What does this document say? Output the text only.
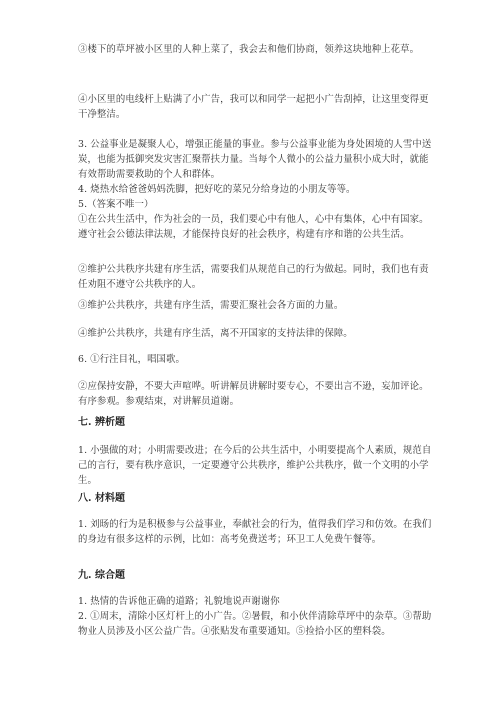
③楼下的草坪被小区里的人种上菜了，我会去和他们协商，领养这块地种上花草。

④小区里的电线杆上贴满了小广告，我可以和同学一起把小广告刮掉，让这里变得更干净整洁。

3. 公益事业是凝聚人心，增强正能量的事业。参与公益事业能为身处困境的人雪中送炭，也能为抵御突发灾害汇聚帮扶力量。当每个人微小的公益力量积小成大时，就能有效帮助需要救助的个人和群体。

4. 烧热水给爸爸妈妈洗脚，把好吃的菜兄分给身边的小朋友等等。

5.（答案不唯一）

①在公共生活中，作为社会的一员，我们要心中有他人，心中有集体，心中有国家。遵守社会公德法律法规，才能保持良好的社会秩序，构建有序和谐的公共生活。

②维护公共秩序共建有序生活，需要我们从规范自己的行为做起。同时，我们也有责任劝阻不遵守公共秩序的人。

③维护公共秩序，共建有序生活，需要汇聚社会各方面的力量。

④维护公共秩序，共建有序生活，离不开国家的支持法律的保障。

6. ①行注目礼，唱国歌。

②应保持安静，不要大声喧哗。听讲解员讲解时要专心，不要出言不逊，妄加评论。有序参观。参观结束，对讲解员道谢。

七. 辨析题

1. 小强做的对；小明需要改进；在今后的公共生活中，小明要提高个人素质，规范自己的言行，要有秩序意识，一定要遵守公共秩序，维护公共秩序，做一个文明的小学生。

八. 材料题

1. 刘旸的行为是积极参与公益事业，奉献社会的行为，值得我们学习和仿效。在我们的身边有很多这样的示例，比如：高考免费送考；环卫工人免费午餐等。

九. 综合题

1. 热情的告诉他正确的道路；礼貌地说声谢谢你

2. ①周末，清除小区灯杆上的小广告。②暑假，和小伙伴清除草坪中的杂草。③帮助物业人员涉及小区公益广告。④张贴发布重要通知。⑤捡拾小区的塑料袋。
